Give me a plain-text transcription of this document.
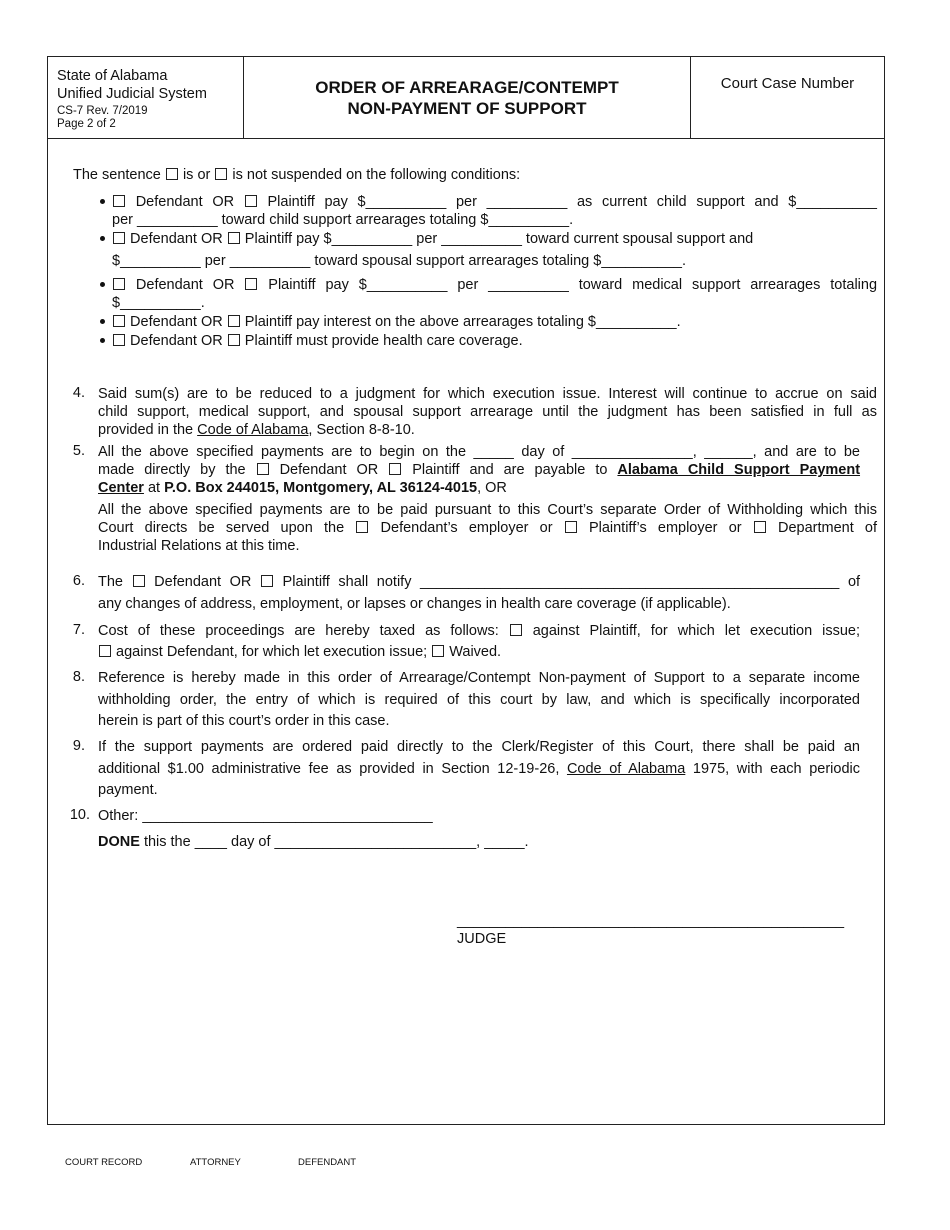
State of Alabama
Unified Judicial System
CS-7 Rev. 7/2019
Page 2 of 2
ORDER OF ARREARAGE/CONTEMPT
NON-PAYMENT OF SUPPORT
Court Case Number
The sentence is or is not suspended on the following conditions:
Defendant OR Plaintiff pay $__________ per __________ as current child support and $__________
per __________ toward child support arrearages totaling $__________.
Defendant OR Plaintiff pay $__________ per __________ toward current spousal support and
$__________ per __________ toward spousal support arrearages totaling $__________.
Defendant OR Plaintiff pay $__________ per __________ toward medical support arrearages totaling
$__________.
Defendant OR Plaintiff pay interest on the above arrearages totaling $__________.
Defendant OR Plaintiff must provide health care coverage.
4. Said sum(s) are to be reduced to a judgment for which execution issue. Interest will continue to accrue on said
child support, medical support, and spousal support arrearage until the judgment has been satisfied in full as
provided in the Code of Alabama, Section 8-8-10.
5. All the above specified payments are to begin on the _____ day of _______________, ______, and are to be
made directly by the Defendant OR Plaintiff and are payable to Alabama Child Support Payment
Center at P.O. Box 244015, Montgomery, AL 36124-4015, OR
All the above specified payments are to be paid pursuant to this Court’s separate Order of Withholding which this
Court directs be served upon the	Defendant’s employer or	Plaintiff’s employer or	Department of
Industrial Relations at this time.
6. The Defendant OR Plaintiff shall notify ____________________________________________________ of
any changes of address, employment, or lapses or changes in health care coverage (if applicable).
7. Cost of these proceedings are hereby taxed as follows: against Plaintiff, for which let execution issue;
against Defendant, for which let execution issue; Waived.
8. Reference is hereby made in this order of Arrearage/Contempt Non-payment of Support to a separate income
withholding order, the entry of which is required of this court by law, and which is specifically incorporated
herein is part of this court’s order in this case.
9. If the support payments are ordered paid directly to the Clerk/Register of this Court, there shall be paid an
additional $1.00 administrative fee as provided in Section 12-19-26, Code of Alabama 1975, with each periodic
payment.
10. Other: ____________________________________
DONE this the ____ day of _________________________, _____.
________________________________________________
JUDGE
COURT RECORD	ATTORNEY	DEFENDANT
